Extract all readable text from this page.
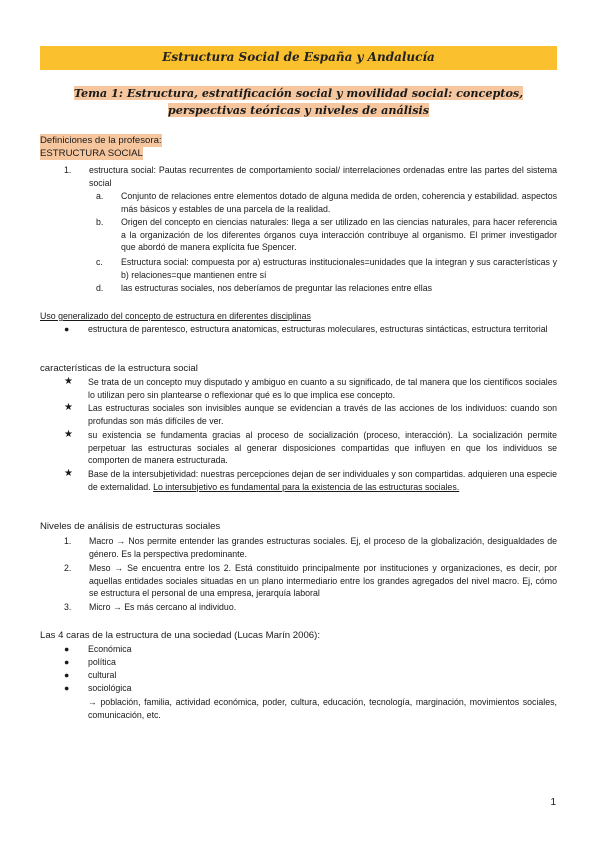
Estructura Social de España y Andalucía
Tema 1: Estructura, estratificación social y movilidad social: conceptos, perspectivas teóricas y niveles de análisis
Definiciones de la profesora:
ESTRUCTURA SOCIAL
1.	estructura social: Pautas recurrentes de comportamiento social/ interrelaciones ordenadas entre las partes del sistema social
a.	Conjunto de relaciones entre elementos dotado de alguna medida de orden, coherencia y estabilidad. aspectos más básicos y estables de una parcela de la realidad.
b.	Origen del concepto en ciencias naturales: llega a ser utilizado en las ciencias naturales, para hacer referencia a la organización de los diferentes órganos cuya interacción contribuye al organismo. El primer investigador que abordó de manera explícita fue Spencer.
c.	Estructura social: compuesta por a) estructuras institucionales=unidades que la integran y sus características y b) relaciones=que mantienen entre sí
d.	las estructuras sociales, nos deberíamos de preguntar las relaciones entre ellas
Uso generalizado del concepto de estructura en diferentes disciplinas
●	estructura de parentesco, estructura anatomicas, estructuras moleculares, estructuras sintácticas, estructura territorial
características de la estructura social
★	Se trata de un concepto muy disputado y ambiguo en cuanto a su significado, de tal manera que los científicos sociales lo utilizan pero sin plantearse o reflexionar qué es lo que implica ese concepto.
★	Las estructuras sociales son invisibles aunque se evidencian a través de las acciones de los individuos: cuando son profundas son más difíciles de ver.
★	su existencia se fundamenta gracias al proceso de socialización (proceso, interacción). La socialización permite perpetuar las estructuras sociales al generar disposiciones compartidas que influyen en que los individuos se comporten de manera estructurada.
★	Base de la intersubjetividad: nuestras percepciones dejan de ser individuales y son compartidas. adquieren una especie de externalidad. Lo intersubjetivo es fundamental para la existencia de las estructuras sociales.
Niveles de análisis de estructuras sociales
1.	Macro → Nos permite entender las grandes estructuras sociales. Ej, el proceso de la globalización, desigualdades de género. Es la perspectiva predominante.
2.	Meso → Se encuentra entre los 2. Está constituido principalmente por instituciones y organizaciones, es decir, por aquellas entidades sociales situadas en un plano intermediario entre los grandes agregados del nivel macro. Ej, cómo se estructura el personal de una empresa, jerarquía laboral
3.	Micro → Es más cercano al individuo.
Las 4 caras de la estructura de una sociedad (Lucas Marín 2006):
●	Económica
●	política
●	cultural
●	sociológica
→ población, familia, actividad económica, poder, cultura, educación, tecnología, marginación, movimientos sociales, comunicación, etc.
1
